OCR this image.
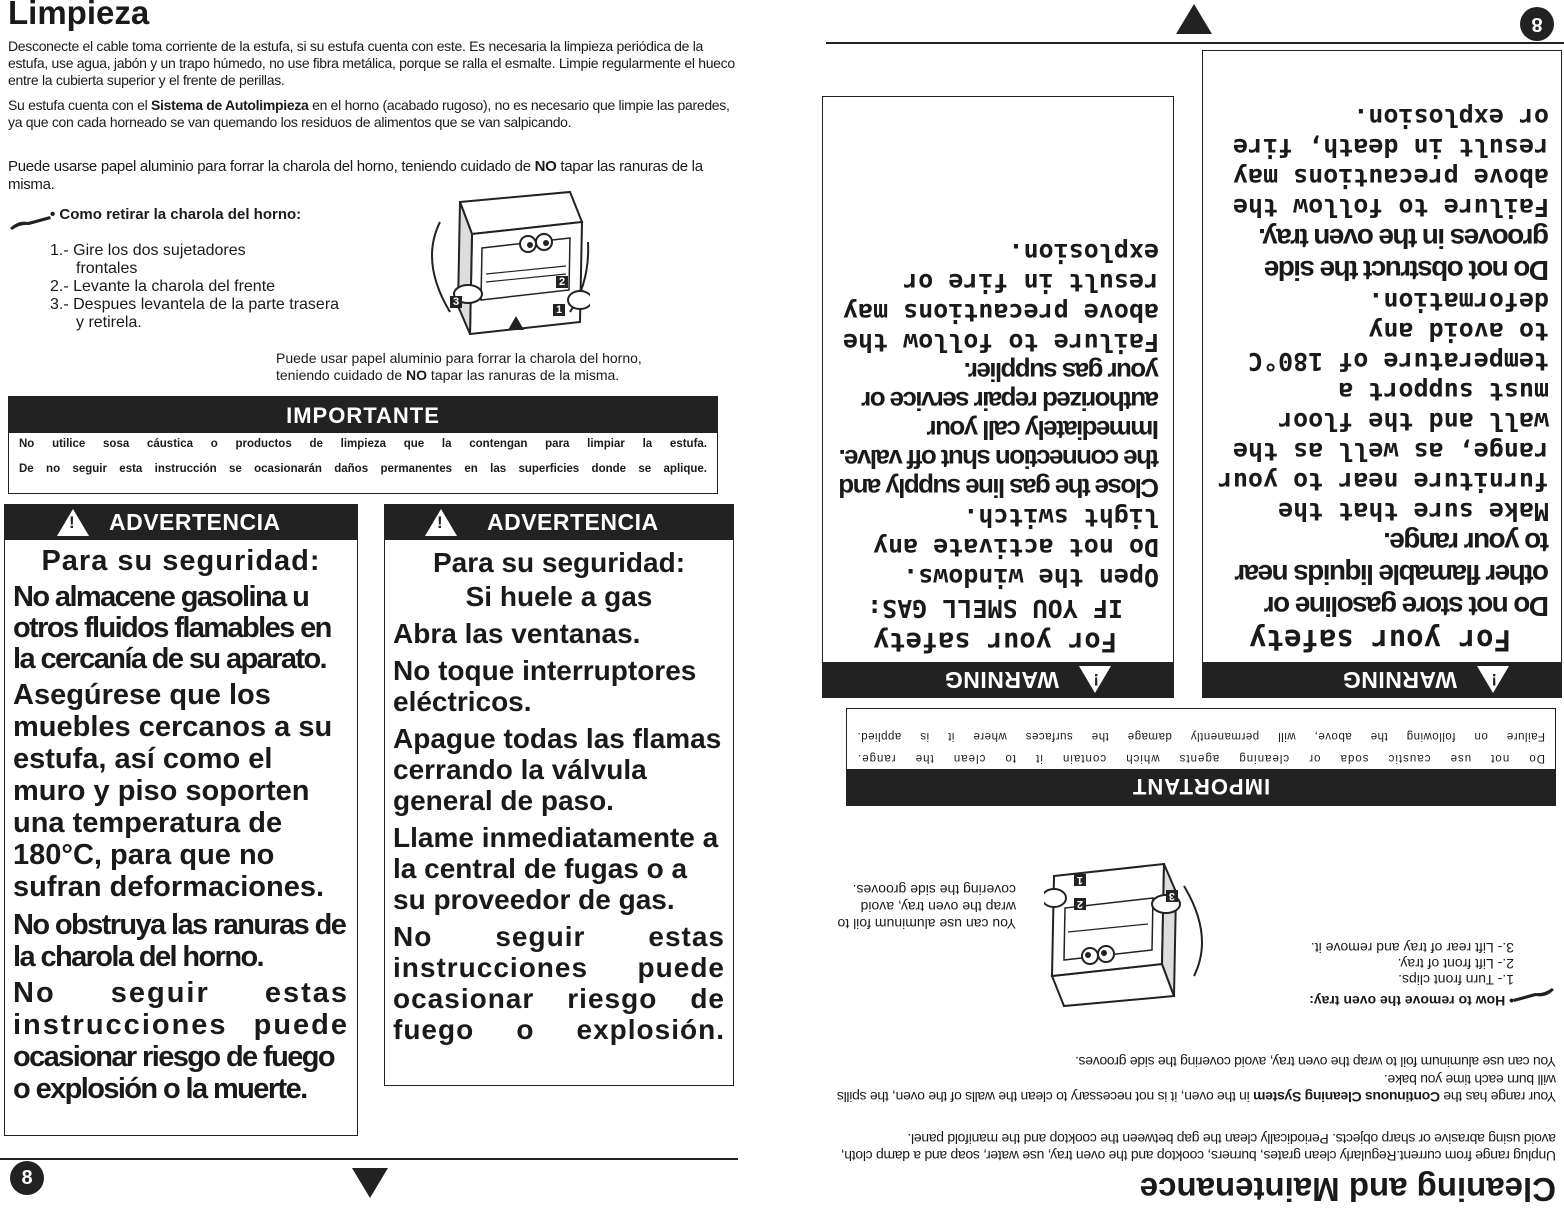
Limpieza

Desconecte el cable toma corriente de la estufa, si su estufa cuenta con este. Es necesaria la limpieza periódica de la estufa, use agua, jabón y un trapo húmedo, no use fibra metálica, porque se ralla el esmalte. Limpie regularmente el hueco entre la cubierta superior y el frente de perillas.

Su estufa cuenta con el Sistema de Autolimpieza en el horno (acabado rugoso), no es necesario que limpie las paredes, ya que con cada horneado se van quemando los residuos de alimentos que se van salpicando.

Puede usarse papel aluminio para forrar la charola del horno, teniendo cuidado de NO tapar las ranuras de la misma.

• Como retirar la charola del horno:
1.- Gire los dos sujetadores
frontales
2.- Levante la charola del frente
3.- Despues levantela de la parte trasera
y retirela.
3
2
1
Puede usar papel aluminio para forrar la charola del horno,
teniendo cuidado de NO tapar las ranuras de la misma.
IMPORTANTE
No utilice sosa cáustica o productos de limpieza que la contengan para limpiar la estufa.
De no seguir esta instrucción se ocasionarán daños permanentes en las superficies donde se aplique.
! ADVERTENCIA
Para su seguridad:
No almacene gasolina u otros fluidos flamables en la cercanía de su aparato.
Asegúrese que los muebles cercanos a su estufa, así como el muro y piso soporten una temperatura de 180°C, para que no sufran deformaciones.
No obstruya las ranuras de la charola del horno.
No seguir estas instrucciones puede
ocasionar riesgo de fuego o explosión o la muerte.
! ADVERTENCIA
Para su seguridad:
Si huele a gas
Abra las ventanas.
No toque interruptores eléctricos.
Apague todas las flamas cerrando la válvula general de paso.
Llame inmediatamente a la central de fugas o a su proveedor de gas.
No seguir estas instrucciones puede ocasionar riesgo de fuego o explosión.
8	Cleaning and Maintenance

Unplug range from current.Regularly clean grates, burners, cooktop and the oven tray, use water, soap and a damp cloth, avoid using abrasive or sharp objects. Periodically clean the gap between the cooktop and the manifold panel.

Your range has the Continuous Cleaning System in the oven, it is not necessary to clean the walls of the oven, the spills will burn each time you bake.

You can use aluminum foil to wrap the oven tray, avoid covering the side grooves.

• How to remove the oven tray:
1.- Turn front clips.
2.- Lift front of tray.
3.- Lift rear of tray and remove it.
3
2
1
You can use aluminum foil to wrap the oven tray, avoid covering the side grooves.
IMPORTANT
Do not use caustic soda or cleaning agents which contain it to clean the range.
Failure on following the above, will permanently damage the surfaces where it is applied.
!
WARNING
For your safety
Do not store gasoline or other flamable liquids near to your range.
Make sure that the furniture near to your range, as well as the wall and the floor must support a temperature of 180°C to avoid any deformation.
Do not obstruct the side grooves in the oven tray.
Failure to follow the above precautions may result in death, fire or explosion.
!
WARNING
For your safety
IF YOU SMELL GAS:
Open the windows.
Do not activate any light switch.
Close the gas line supply and the connection shut off valve.
Immediately call your authorized repair service or your gas supplier.
Failure to follow the above precautions may result in fire or explosion.
8
